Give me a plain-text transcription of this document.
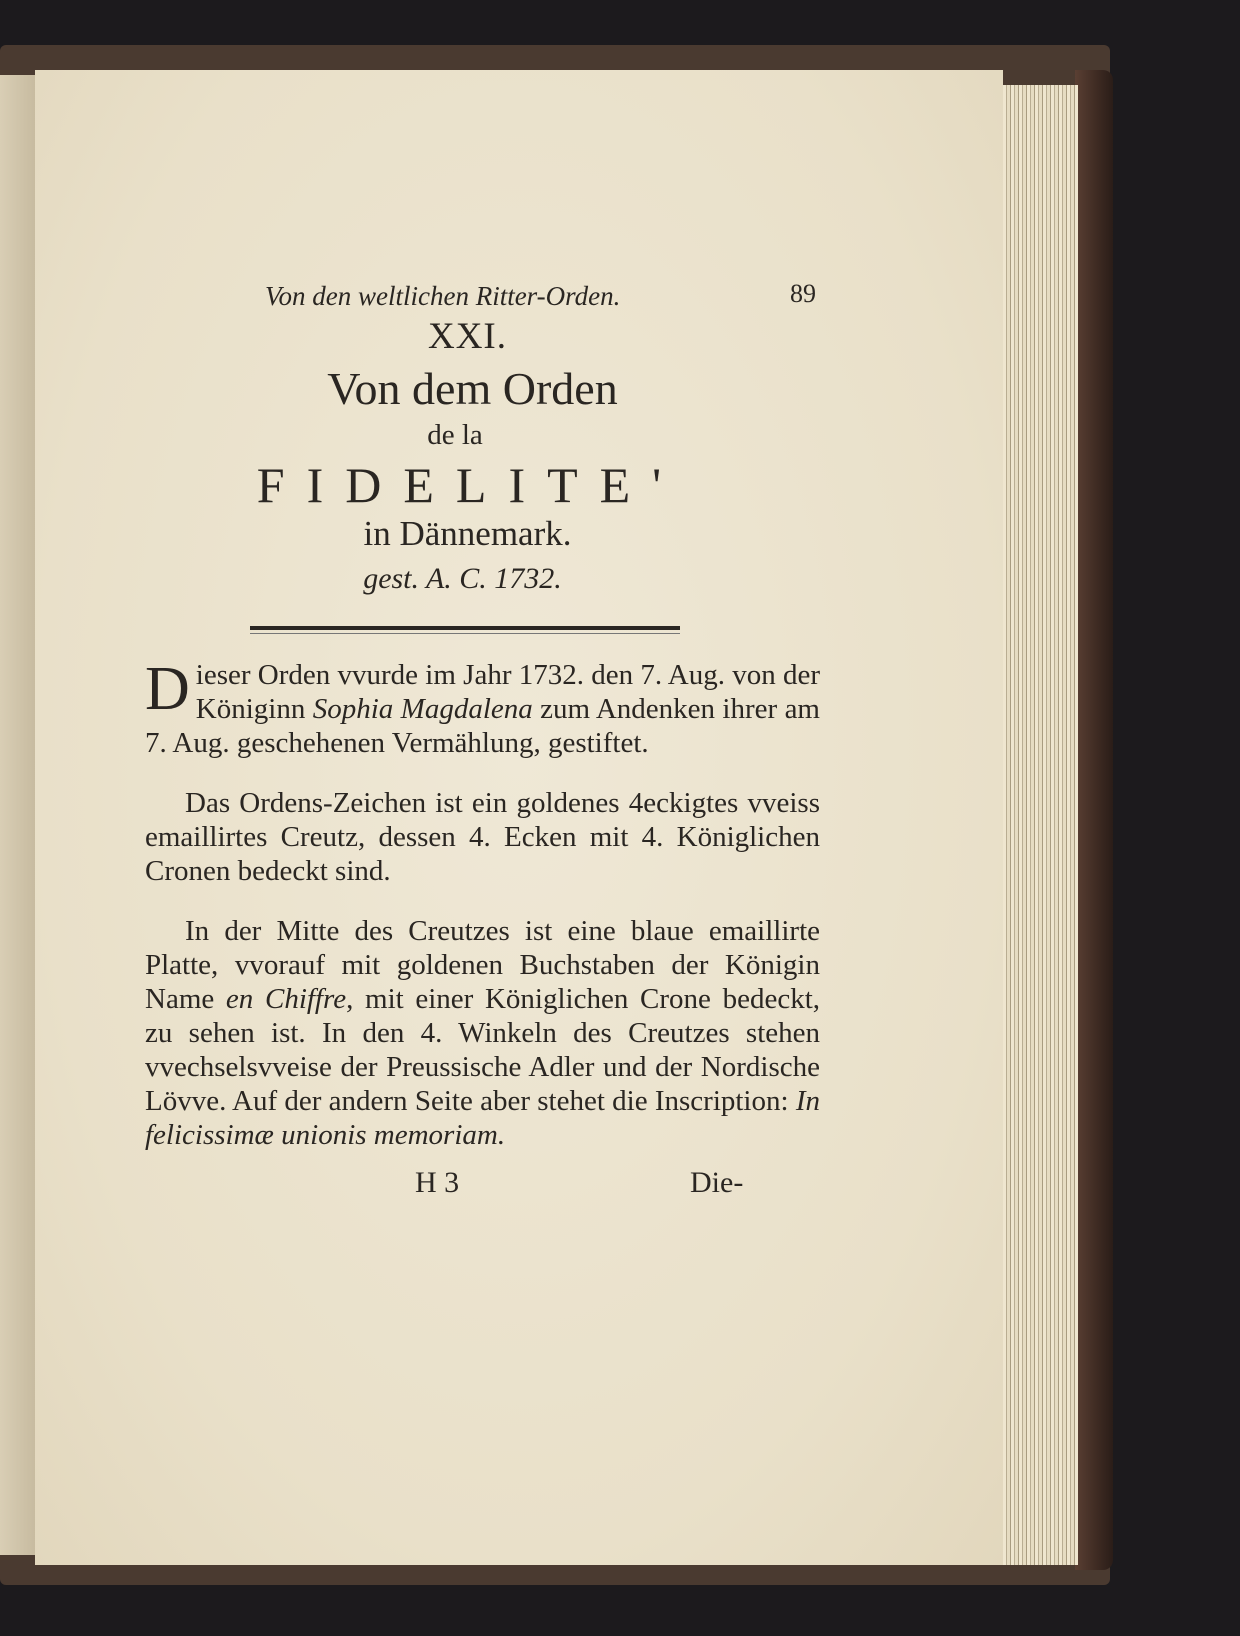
Von den weltlichen Ritter-Orden.	89
XXI.
Von dem Orden
de la
FIDELITE'
in Dännemark.
gest. A. C. 1732.
Dieser Orden vvurde im Jahr 1732. den 7. Aug. von der Königinn Sophia Magdalena zum Andenken ihrer am 7. Aug. geschehenen Vermählung, gestiftet.
Das Ordens-Zeichen ist ein goldenes 4eckigtes vveiss emaillirtes Creutz, dessen 4. Ecken mit 4. Königlichen Cronen bedeckt sind.
In der Mitte des Creutzes ist eine blaue emaillirte Platte, vvorauf mit goldenen Buchstaben der Königin Name en Chiffre, mit einer Königlichen Crone bedeckt, zu sehen ist. In den 4. Winkeln des Creutzes stehen vvechselsvveise der Preussische Adler und der Nordische Lövve. Auf der andern Seite aber stehet die Inscription: In felicissimæ unionis memoriam.
H 3	Die-
